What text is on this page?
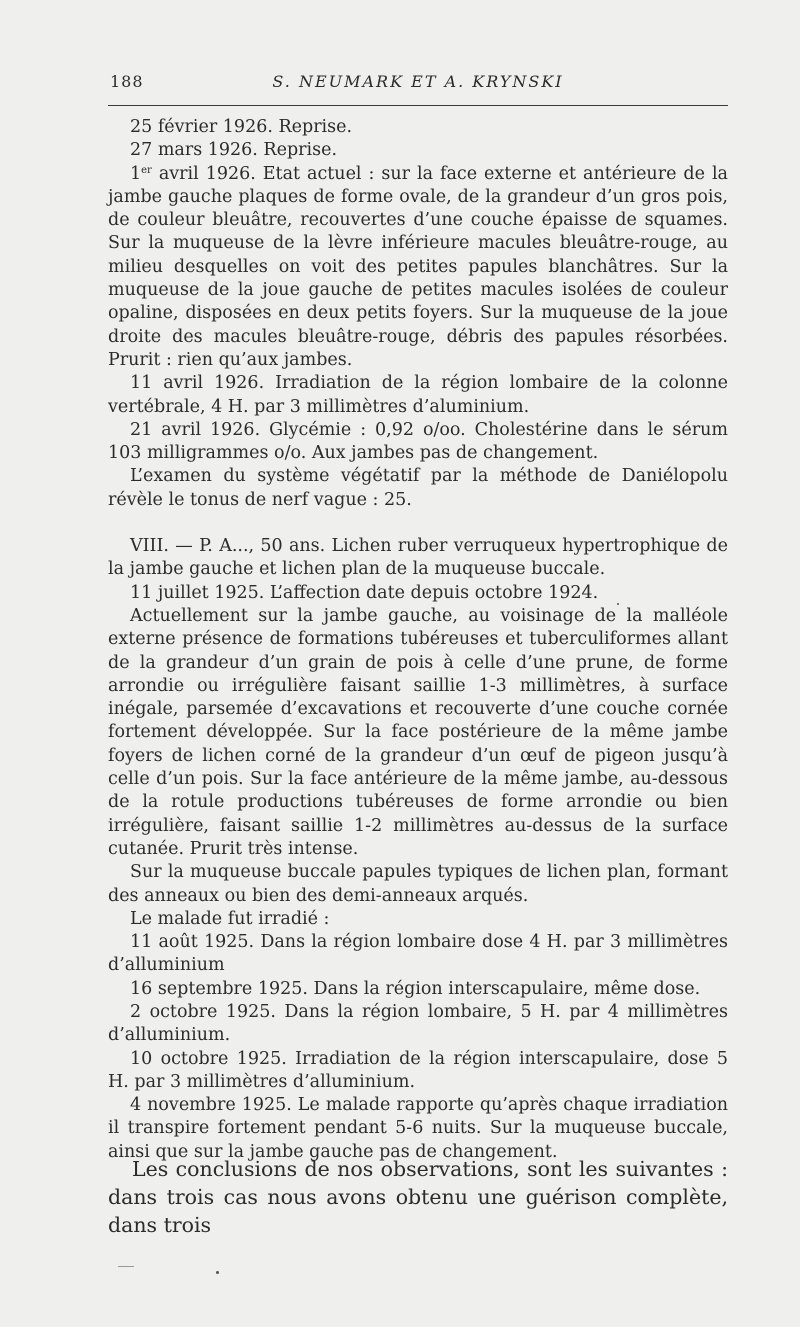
188	S. NEUMARK ET A. KRYNSKI

25 février 1926. Reprise.

27 mars 1926. Reprise.

1er avril 1926. Etat actuel : sur la face externe et antérieure de la jambe gauche plaques de forme ovale, de la grandeur d’un gros pois, de couleur bleuâtre, recouvertes d’une couche épaisse de squames. Sur la muqueuse de la lèvre inférieure macules bleuâtre-rouge, au milieu desquelles on voit des petites papules blanchâtres. Sur la muqueuse de la joue gauche de petites macules isolées de couleur opaline, disposées en deux petits foyers. Sur la muqueuse de la joue droite des macules bleuâtre-rouge, débris des papules résorbées. Prurit : rien qu’aux jambes.

11 avril 1926. Irradiation de la région lombaire de la colonne vertébrale, 4 H. par 3 millimètres d’aluminium.

21 avril 1926. Glycémie : 0,92 o/oo. Cholestérine dans le sérum 103 milligrammes o/o. Aux jambes pas de changement.

L’examen du système végétatif par la méthode de Daniélopolu révèle le tonus de nerf vague : 25.

VIII. — P. A..., 50 ans. Lichen ruber verruqueux hypertrophique de la jambe gauche et lichen plan de la muqueuse buccale.

11 juillet 1925. L’affection date depuis octobre 1924.

Actuellement sur la jambe gauche, au voisinage de la malléole externe présence de formations tubéreuses et tuberculiformes allant de la grandeur d’un grain de pois à celle d’une prune, de forme arrondie ou irrégulière faisant saillie 1-3 millimètres, à surface inégale, parsemée d’excavations et recouverte d’une couche cornée fortement développée. Sur la face postérieure de la même jambe foyers de lichen corné de la grandeur d’un œuf de pigeon jusqu’à celle d’un pois. Sur la face antérieure de la même jambe, au-dessous de la rotule productions tubéreuses de forme arrondie ou bien irrégulière, faisant saillie 1-2 millimètres au-dessus de la surface cutanée. Prurit très intense.

Sur la muqueuse buccale papules typiques de lichen plan, formant des anneaux ou bien des demi-anneaux arqués.

Le malade fut irradié :

11 août 1925. Dans la région lombaire dose 4 H. par 3 millimètres d’alluminium

16 septembre 1925. Dans la région interscapulaire, même dose.

2 octobre 1925. Dans la région lombaire, 5 H. par 4 millimètres d’alluminium.

10 octobre 1925. Irradiation de la région interscapulaire, dose 5 H. par 3 millimètres d’alluminium.

4 novembre 1925. Le malade rapporte qu’après chaque irradiation il transpire fortement pendant 5-6 nuits. Sur la muqueuse buccale, ainsi que sur la jambe gauche pas de changement.

Les conclusions de nos observations, sont les suivantes : dans trois cas nous avons obtenu une guérison complète, dans trois
